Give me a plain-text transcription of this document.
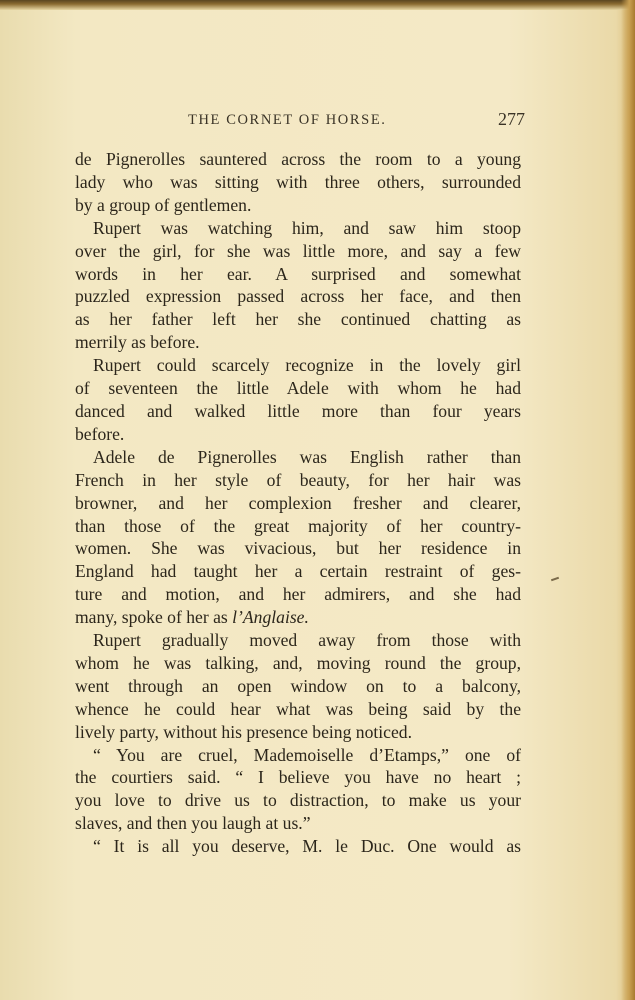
THE CORNET OF HORSE.	277

de Pignerolles sauntered across the room to a young

lady who was sitting with three others, surrounded

by a group of gentlemen.

Rupert was watching him, and saw him stoop

over the girl, for she was little more, and say a few

words in her ear. A surprised and somewhat

puzzled expression passed across her face, and then

as her father left her she continued chatting as

merrily as before.

Rupert could scarcely recognize in the lovely girl

of seventeen the little Adele with whom he had

danced and walked little more than four years

before.

Adele de Pignerolles was English rather than

French in her style of beauty, for her hair was

browner, and her complexion fresher and clearer,

than those of the great majority of her country-

women. She was vivacious, but her residence in

England had taught her a certain restraint of ges-

ture and motion, and her admirers, and she had

many, spoke of her as l’Anglaise.

Rupert gradually moved away from those with

whom he was talking, and, moving round the group,

went through an open window on to a balcony,

whence he could hear what was being said by the

lively party, without his presence being noticed.

“ You are cruel, Mademoiselle d’Etamps,” one of

the courtiers said. “ I believe you have no heart ;

you love to drive us to distraction, to make us your

slaves, and then you laugh at us.”

“ It is all you deserve, M. le Duc. One would as
